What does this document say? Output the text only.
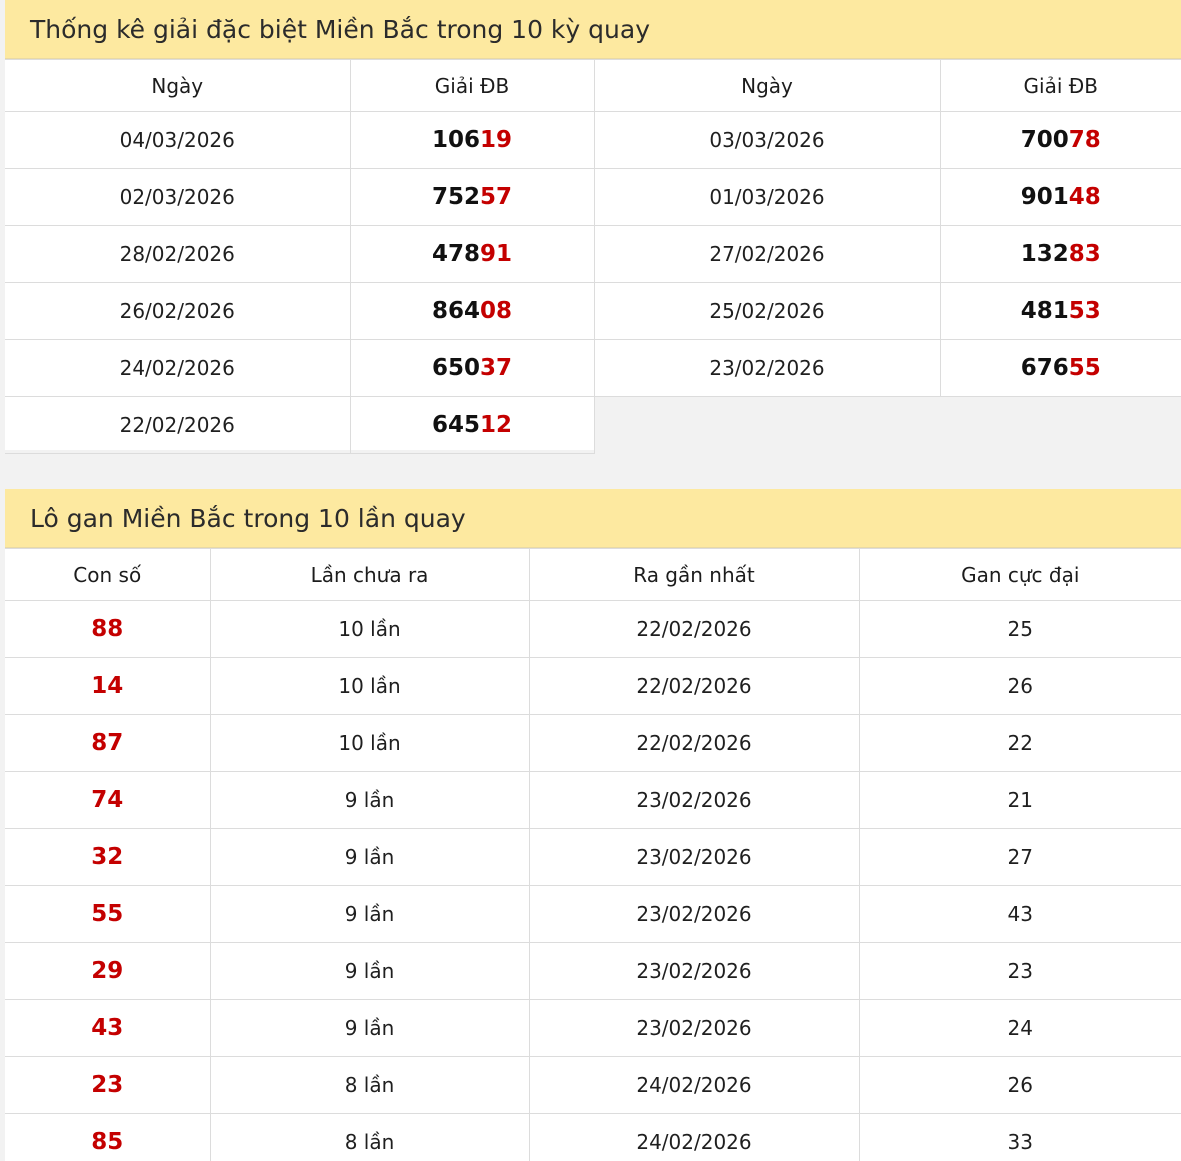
Thống kê giải đặc biệt Miền Bắc trong 10 kỳ quay
Ngày	Giải ĐB	Ngày	Giải ĐB
04/03/2026	10619	03/03/2026	70078
02/03/2026	75257	01/03/2026	90148
28/02/2026	47891	27/02/2026	13283
26/02/2026	86408	25/02/2026	48153
24/02/2026	65037	23/02/2026	67655
22/02/2026	64512		
Lô gan Miền Bắc trong 10 lần quay
Con số	Lần chưa ra	Ra gần nhất	Gan cực đại
88	10 lần	22/02/2026	25
14	10 lần	22/02/2026	26
87	10 lần	22/02/2026	22
74	9 lần	23/02/2026	21
32	9 lần	23/02/2026	27
55	9 lần	23/02/2026	43
29	9 lần	23/02/2026	23
43	9 lần	23/02/2026	24
23	8 lần	24/02/2026	26
85	8 lần	24/02/2026	33
